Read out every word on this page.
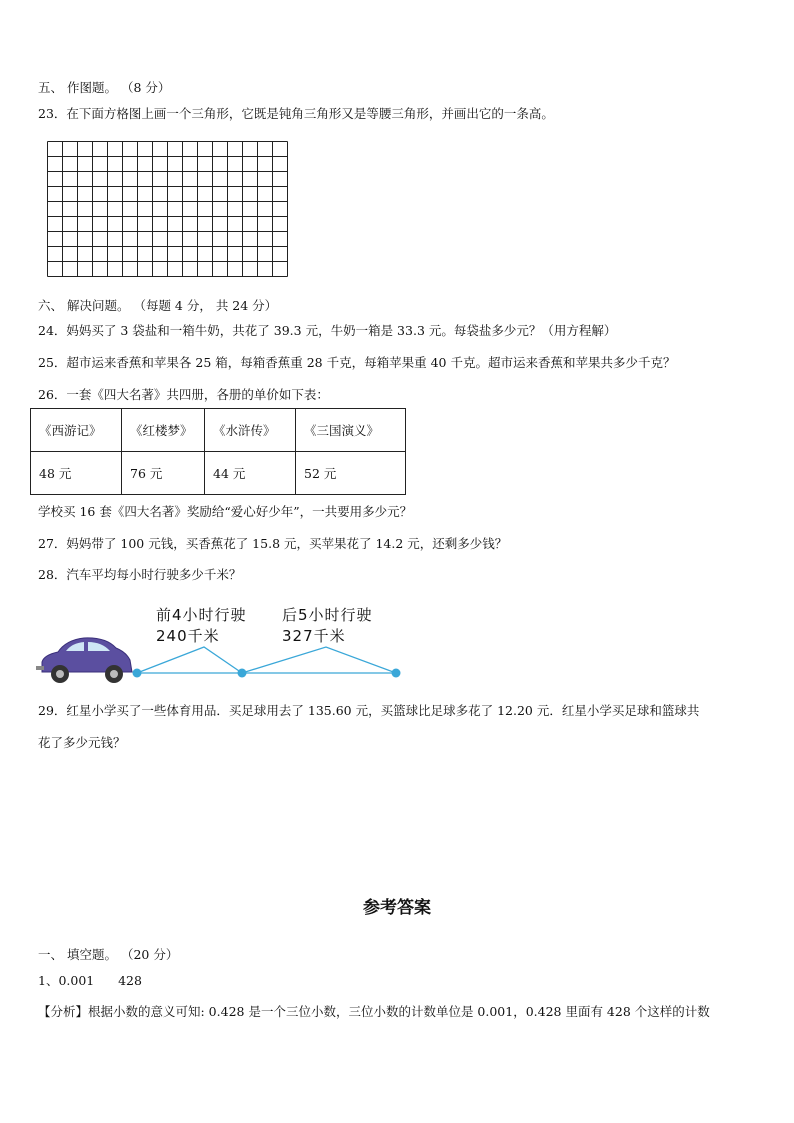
五、 作图题。 （8 分）
23．在下面方格图上画一个三角形，它既是钝角三角形又是等腰三角形，并画出它的一条高。
六、 解决问题。 （每题 4 分， 共 24 分）
24．妈妈买了 3 袋盐和一箱牛奶，共花了 39.3 元，牛奶一箱是 33.3 元。每袋盐多少元？（用方程解）
25．超市运来香蕉和苹果各 25 箱，每箱香蕉重 28 千克，每箱苹果重 40 千克。超市运来香蕉和苹果共多少千克？
26．一套《四大名著》共四册，各册的单价如下表：
《西游记》	《红楼梦》	《水浒传》	《三国演义》
48 元	76 元	44 元	52 元
学校买 16 套《四大名著》奖励给“爱心好少年”，一共要用多少元？
27．妈妈带了 100 元钱，买香蕉花了 15.8 元，买苹果花了 14.2 元，还剩多少钱？
28．汽车平均每小时行驶多少千米？
前4小时行驶
240千米
后5小时行驶
327千米
29．红星小学买了一些体育用品．买足球用去了 135.60 元，买篮球比足球多花了 12.20 元．红星小学买足球和篮球共
花了多少元钱？
参考答案
一、 填空题。 （20 分）
1、0.001      428
【分析】根据小数的意义可知: 0.428 是一个三位小数，三位小数的计数单位是 0.001，0.428 里面有 428 个这样的计数
